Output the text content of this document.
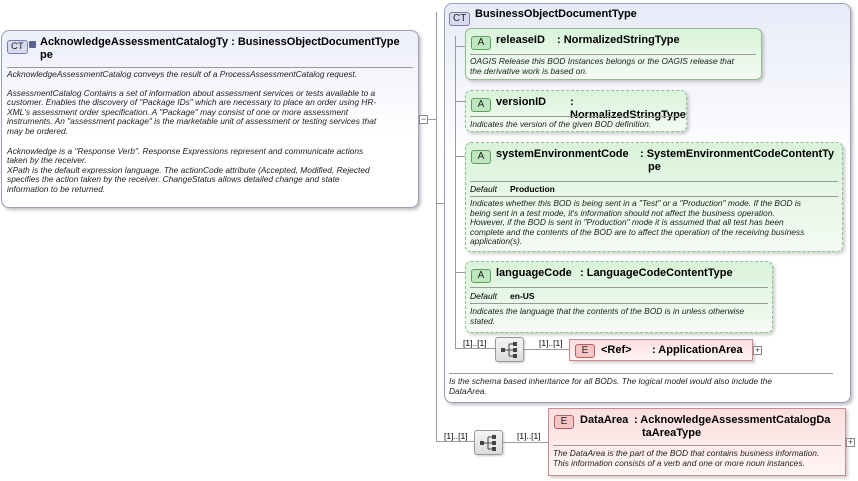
CT	AcknowledgeAssessmentCatalogTy : BusinessObjectDocumentType
pe
AcknowledgeAssessmentCatalog conveys the result of a ProcessAssessmentCatalog request.
AssessmentCatalog Contains a set of information about assessment services or tests available to a
customer. Enables the discovery of "Package IDs" which are necessary to place an order using HR-
XML's assessment order specification. A "Package" may consist of one or more assessment
instruments. An "assessment package" is the marketable unit of assessment or testing services that
may be ordered.
Acknowledge is a "Response Verb". Response Expressions represent and communicate actions
taken by the receiver.
XPath is the default expression language. The actionCode attribute (Accepted, Modified, Rejected
specifies the action taken by the receiver. ChangeStatus allows detailed change and state
information to be returned.
−
CT BusinessObjectDocumentType
A	releaseID : NormalizedStringType
OAGIS Release this BOD Instances belongs or the OAGIS release that
the derivative work is based on.
A	versionID : NormalizedStringType
Indicates the version of the given BOD definition.
A	systemEnvironmentCode : SystemEnvironmentCodeContentTy
pe
Default Production
Indicates whether this BOD is being sent in a "Test" or a "Production" mode. If the BOD is
being sent in a test mode, it's information should not affect the business operation.
However, if the BOD is sent in "Production" mode it is assumed that all test has been
complete and the contents of the BOD are to affect the operation of the receiving business
application(s).
A	languageCode : LanguageCodeContentType
Default en-US
Indicates the language that the contents of the BOD is in unless otherwise
stated.
[1]..[1]	[1]..[1]
E	<Ref> : ApplicationArea +
Is the schema based inheritance for all BODs. The logical model would also include the
DataArea.
[1]..[1]	[1]..[1]
E	DataArea : AcknowledgeAssessmentCatalogDa
taAreaType
The DataArea is the part of the BOD that contains business information.
This information consists of a verb and one or more noun instances.
+
